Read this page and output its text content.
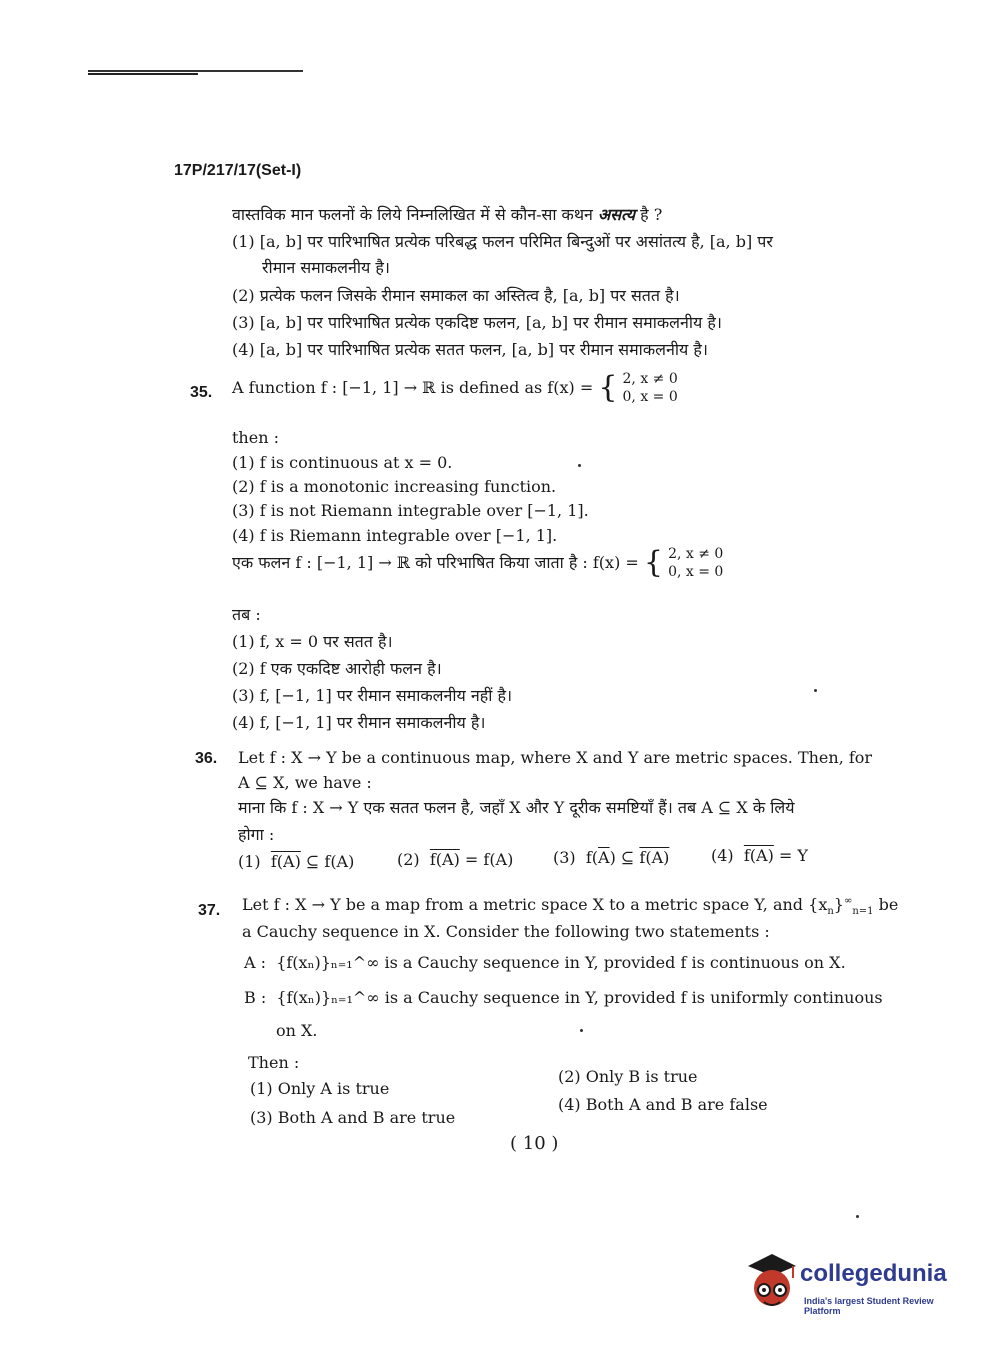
17P/217/17(Set-I)
वास्तविक मान फलनों के लिये निम्नलिखित में से कौन-सा कथन असत्य है ?
(1) [a, b] पर पारिभाषित प्रत्येक परिबद्ध फलन परिमित बिन्दुओं पर असांतत्य है, [a, b] पर
रीमान समाकलनीय है।
(2) प्रत्येक फलन जिसके रीमान समाकल का अस्तित्व है, [a, b] पर सतत है।
(3) [a, b] पर पारिभाषित प्रत्येक एकदिष्ट फलन, [a, b] पर रीमान समाकलनीय है।
(4) [a, b] पर पारिभाषित प्रत्येक सतत फलन, [a, b] पर रीमान समाकलनीय है।
35. A function f : [−1, 1] → ℝ is defined as f(x) = { 2, x ≠ 0
0, x = 0
then :
(1) f is continuous at x = 0.
(2) f is a monotonic increasing function.
(3) f is not Riemann integrable over [−1, 1].
(4) f is Riemann integrable over [−1, 1].
एक फलन f : [−1, 1] → ℝ को परिभाषित किया जाता है : f(x) = { 2, x ≠ 0
0, x = 0
तब :
(1) f, x = 0 पर सतत है।
(2) f एक एकदिष्ट आरोही फलन है।
(3) f, [−1, 1] पर रीमान समाकलनीय नहीं है।
(4) f, [−1, 1] पर रीमान समाकलनीय है।
36. Let f : X → Y be a continuous map, where X and Y are metric spaces. Then, for
A ⊆ X, we have :
माना कि f : X → Y एक सतत फलन है, जहाँ X और Y दूरीक समष्टियाँ हैं। तब A ⊆ X के लिये
होगा :
(1) f(A) ⊆ f(A)	(2) f(A) = f(A) (3) $f(\overline{A})$ ⊆ f(A)	(4) f(A) = Y
37. Let f : X → Y be a map from a metric space X to a metric space Y, and $\{x_n\}^\infty_{n=1}$ be
a Cauchy sequence in X. Consider the following two statements :
A : {f(xₙ)}ₙ₌₁^∞ is a Cauchy sequence in Y, provided f is continuous on X.
B : {f(xₙ)}ₙ₌₁^∞ is a Cauchy sequence in Y, provided f is uniformly continuous
on X.
Then :
(1) Only A is true
(2) Only B is true
(3) Both A and B are true
(4) Both A and B are false
( 10 )
collegedunia
India's largest Student Review Platform
